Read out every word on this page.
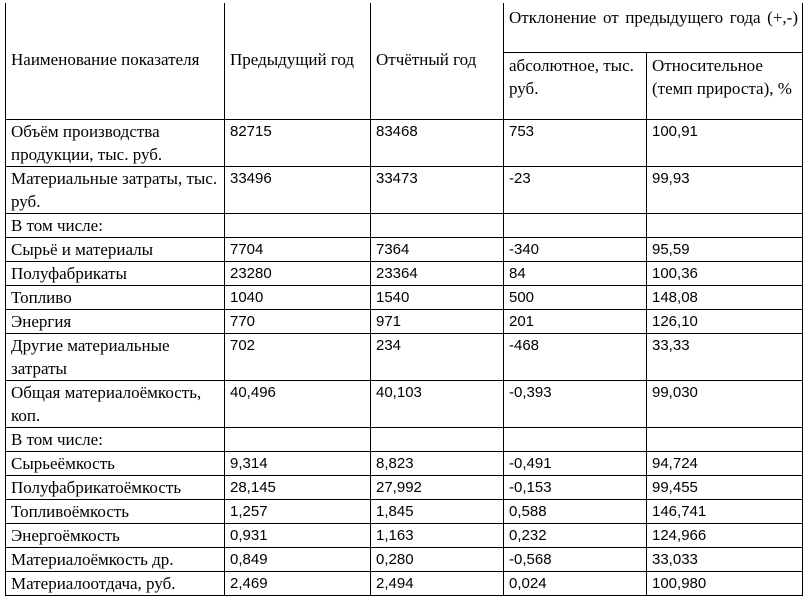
Наименование показателя	Предыдущий год	Отчётный год	Отклонение от предыдущего года (+,-)	
			абсолютное, тыс. руб.	Относительное (темп прироста), %
Объём производства продукции, тыс. руб.	82715	83468	753	100,91
Материальные затраты, тыс. руб.	33496	33473	-23	99,93
В том числе:				
Сырьё и материалы	7704	7364	-340	95,59
Полуфабрикаты	23280	23364	84	100,36
Топливо	1040	1540	500	148,08
Энергия	770	971	201	126,10
Другие материальные затраты	702	234	-468	33,33
Общая материалоёмкость, коп.	40,496	40,103	-0,393	99,030
В том числе:				
Сырьеёмкость	9,314	8,823	-0,491	94,724
Полуфабрикатоёмкость	28,145	27,992	-0,153	99,455
Топливоёмкость	1,257	1,845	0,588	146,741
Энергоёмкость	0,931	1,163	0,232	124,966
Материалоёмкость др.	0,849	0,280	-0,568	33,033
Материалоотдача, руб.	2,469	2,494	0,024	100,980
